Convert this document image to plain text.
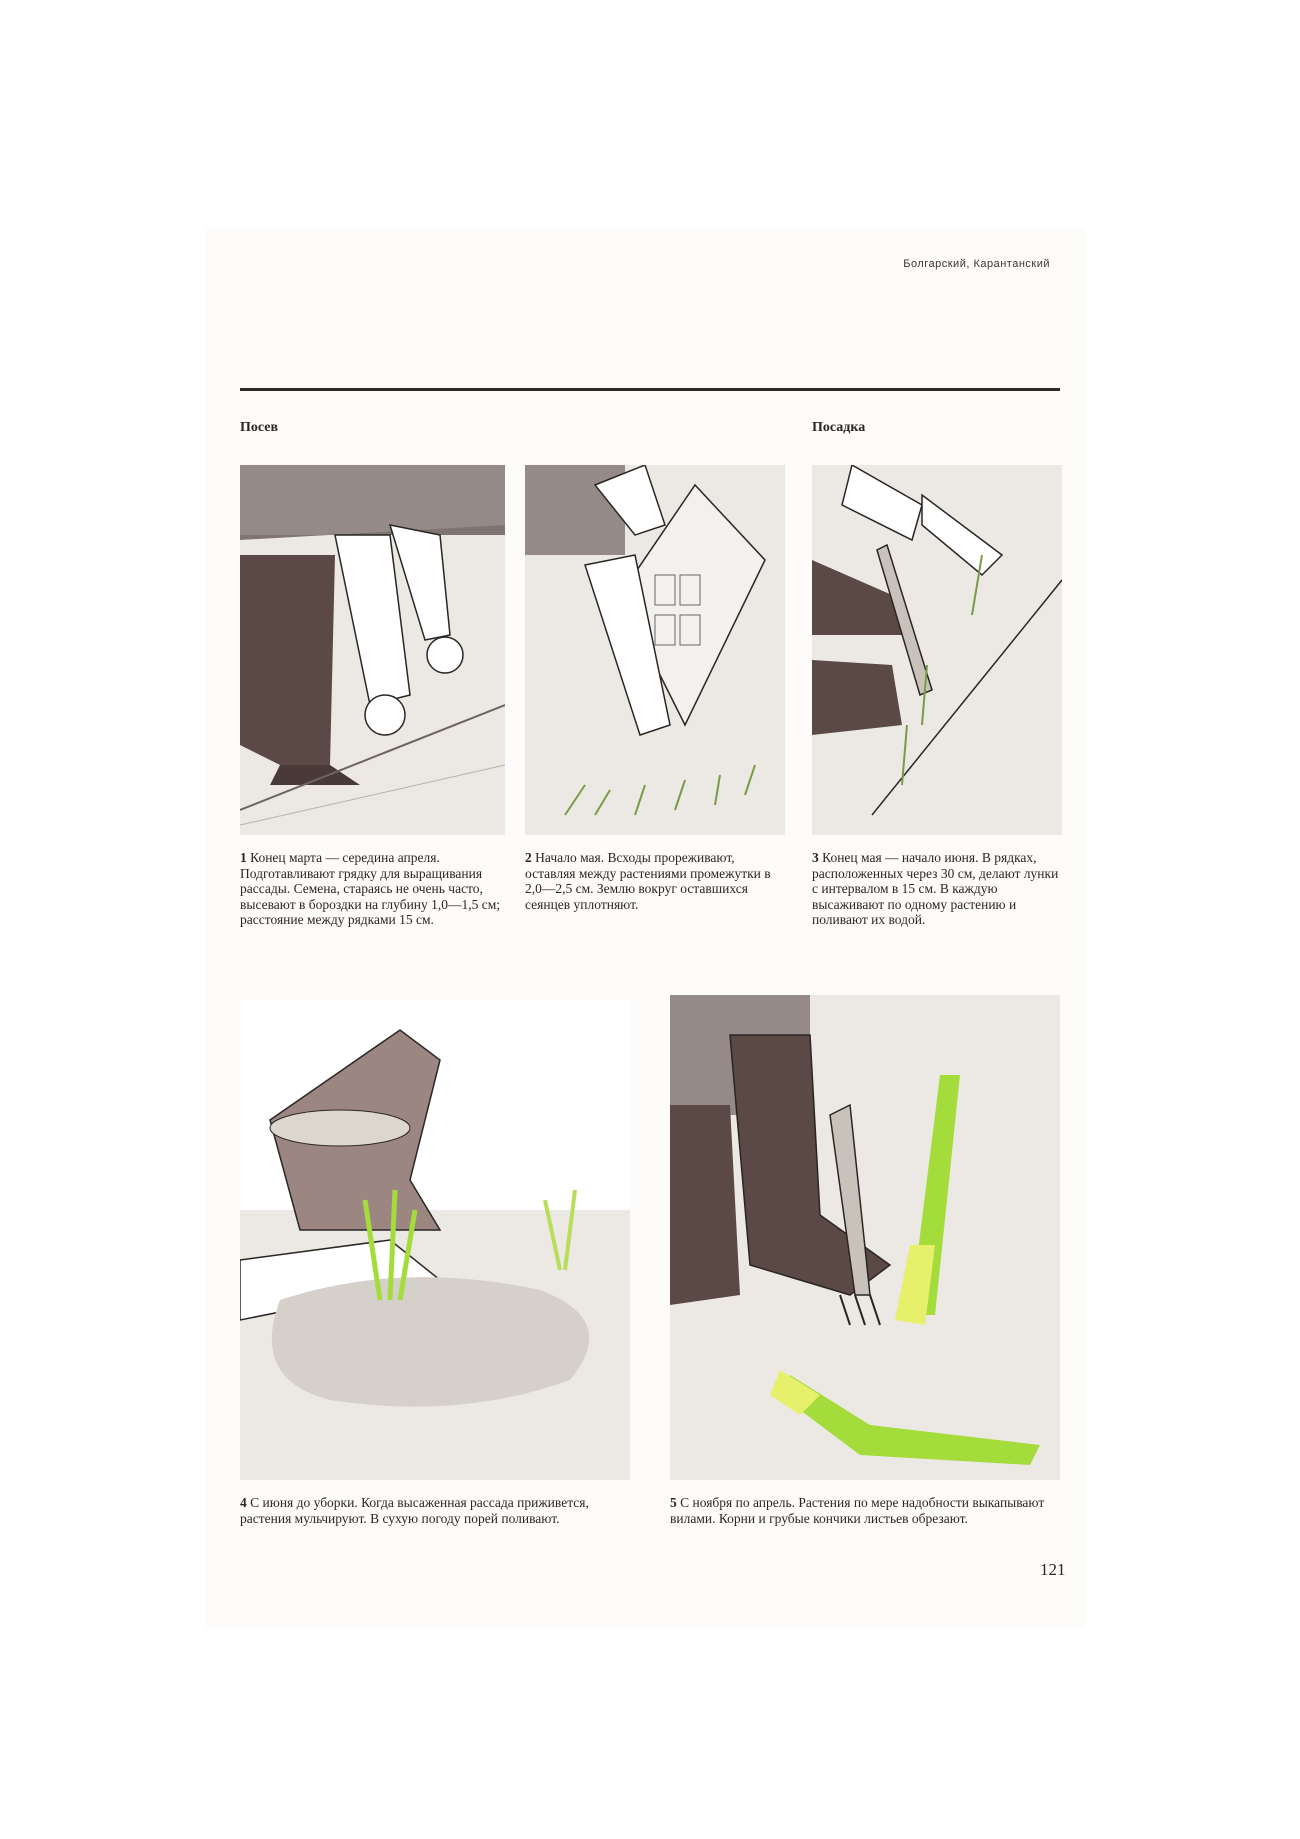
Болгарский, Карантанский
Посев	Посадка
1 Конец марта — середина апреля. Подготавливают грядку для выращивания рассады. Семена, стараясь не очень часто, высевают в бороздки на глубину 1,0—1,5 см; расстояние между рядками 15 см.
2 Начало мая. Всходы прореживают, оставляя между растениями промежутки в 2,0—2,5 см. Землю вокруг оставшихся сеянцев уплотняют.
3 Конец мая — начало июня. В рядках, расположенных через 30 см, делают лунки с интервалом в 15 см. В каждую высаживают по одному растению и поливают их водой.
4 С июня до уборки. Когда высаженная рассада приживется, растения мульчируют. В сухую погоду порей поливают.
5 С ноября по апрель. Растения по мере надобности выкапывают вилами. Корни и грубые кончики листьев обрезают.
121
